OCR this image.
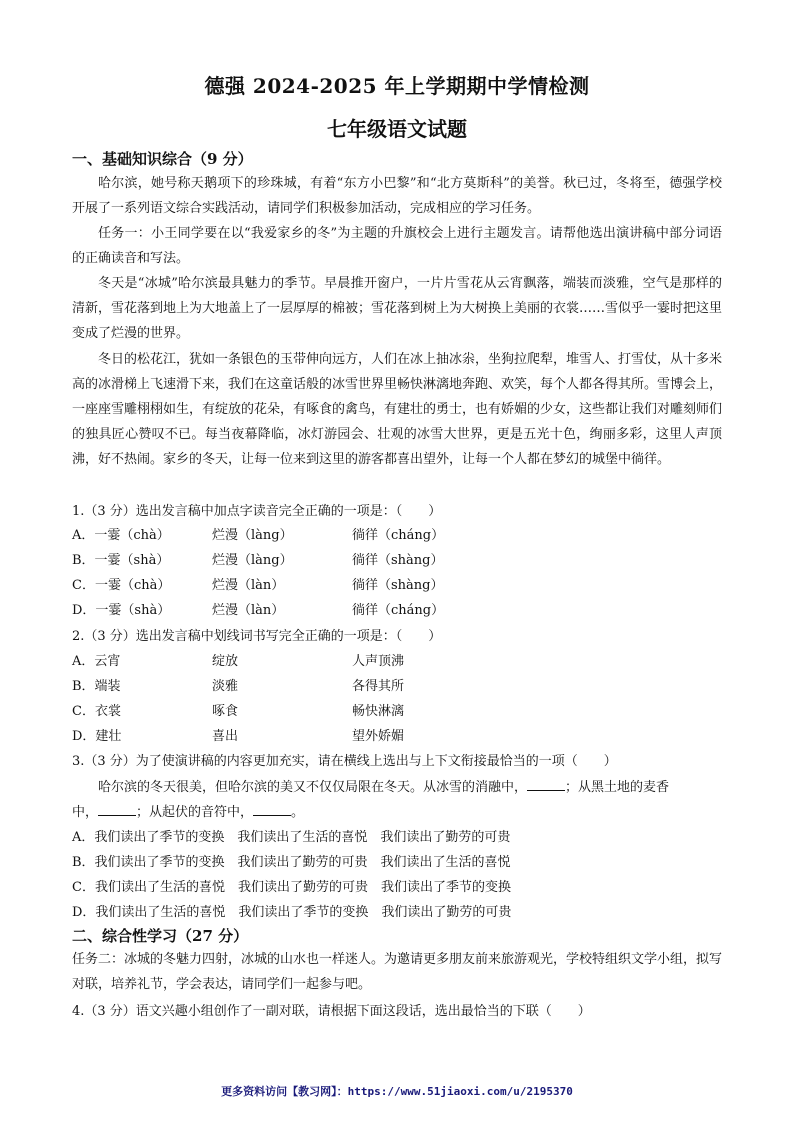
德强 2024-2025 年上学期期中学情检测
七年级语文试题
一、基础知识综合（9 分）

哈尔滨，她号称天鹅项下的珍珠城，有着“东方小巴黎”和“北方莫斯科”的美誉。秋已过，冬将至，德强学校开展了一系列语文综合实践活动，请同学们积极参加活动，完成相应的学习任务。

任务一：小王同学要在以“我爱家乡的冬”为主题的升旗校会上进行主题发言。请帮他选出演讲稿中部分词语的正确读音和写法。

冬天是“冰城”哈尔滨最具魅力的季节。早晨推开窗户，一片片雪花从云宵飘落，端装而淡雅，空气是那样的清新，雪花落到地上为大地盖上了一层厚厚的棉被；雪花落到树上为大树换上美丽的衣裳……雪似乎一霎时把这里变成了烂漫的世界。

冬日的松花江，犹如一条银色的玉带伸向远方，人们在冰上抽冰尜，坐狗拉爬犁，堆雪人、打雪仗，从十多米高的冰滑梯上飞速滑下来，我们在这童话般的冰雪世界里畅快淋漓地奔跑、欢笑，每个人都各得其所。雪博会上，一座座雪雕栩栩如生，有绽放的花朵，有啄食的禽鸟，有建壮的勇士，也有娇媚的少女，这些都让我们对雕刻师们的独具匠心赞叹不已。每当夜幕降临，冰灯游园会、壮观的冰雪大世界，更是五光十色，绚丽多彩，这里人声顶沸，好不热闹。家乡的冬天，让每一位来到这里的游客都喜出望外，让每一个人都在梦幻的城堡中徜徉。

1.（3 分）选出发言稿中加点字读音完全正确的一项是：（　　）
A．一霎（chà）	烂漫（làng）	徜徉（cháng）
B．一霎（shà）	烂漫（làng）	徜徉（shàng）
C．一霎（chà）	烂漫（làn）	徜徉（shàng）
D．一霎（shà）	烂漫（làn）	徜徉（cháng）
2.（3 分）选出发言稿中划线词书写完全正确的一项是：（　　）
A．云宵	绽放	人声顶沸
B．端装	淡雅	各得其所
C．衣裳	啄食	畅快淋漓
D．建壮	喜出	望外娇媚
3.（3 分）为了使演讲稿的内容更加充实，请在横线上选出与上下文衔接最恰当的一项（　　）
哈尔滨的冬天很美，但哈尔滨的美又不仅仅局限在冬天。从冰雪的消融中，	；从黑土地的麦香
中，	；从起伏的音符中，	。
A．我们读出了季节的变换　我们读出了生活的喜悦　我们读出了勤劳的可贵
B．我们读出了季节的变换　我们读出了勤劳的可贵　我们读出了生活的喜悦
C．我们读出了生活的喜悦　我们读出了勤劳的可贵　我们读出了季节的变换
D．我们读出了生活的喜悦　我们读出了季节的变换　我们读出了勤劳的可贵
二、综合性学习（27 分）

任务二：冰城的冬魅力四射，冰城的山水也一样迷人。为邀请更多朋友前来旅游观光，学校特组织文学小组，拟写对联，培养礼节，学会表达，请同学们一起参与吧。

4.（3 分）语文兴趣小组创作了一副对联，请根据下面这段话，选出最恰当的下联（　　）
更多资料访问【教习网】：https://www.51jiaoxi.com/u/2195370
